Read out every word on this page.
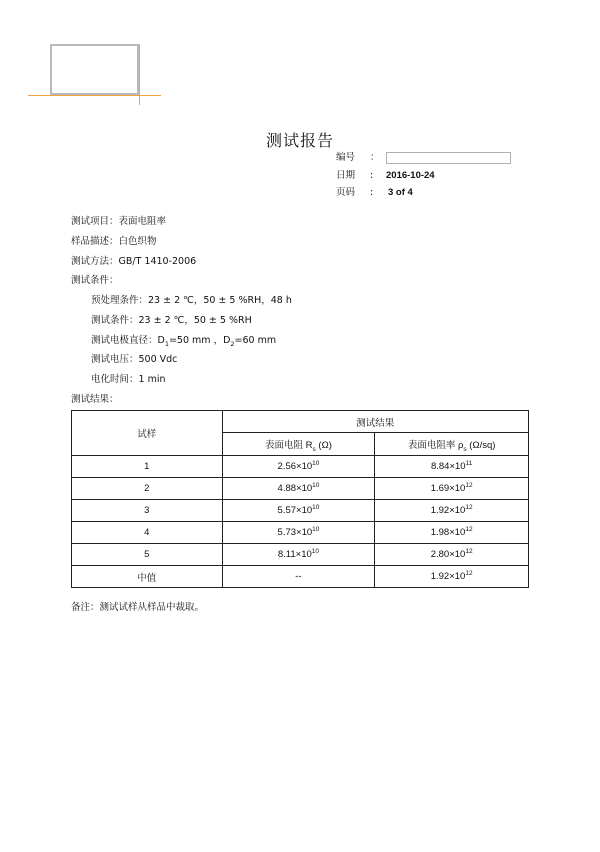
测试报告
编号	：
日期	: 2016-10-24
页码	: 3 of 4
测试项目：表面电阻率
样品描述：白色织物
测试方法：GB/T 1410-2006
测试条件：
预处理条件：23 ± 2 ℃，50 ± 5 %RH，48 h
测试条件：23 ± 2 ℃，50 ± 5 %RH
测试电极直径：$D_1=50$ mm ，$D_2=60$ mm
测试电压：500 Vdc
电化时间：1 min
测试结果：
试样	测试结果	
	表面电阻 $R_s$ (Ω)	表面电阻率 $\rho_s$ (Ω/sq)
1	$2.56\times 10^{10}$	$8.84\times 10^{11}$
2	$4.88\times 10^{10}$	$1.69\times 10^{12}$
3	$5.57\times 10^{10}$	$1.92\times 10^{12}$
4	$5.73\times 10^{10}$	$1.98\times 10^{12}$
5	$8.11\times 10^{10}$	$2.80\times 10^{12}$
中值	--	$1.92\times 10^{12}$
备注：测试试样从样品中裁取。
